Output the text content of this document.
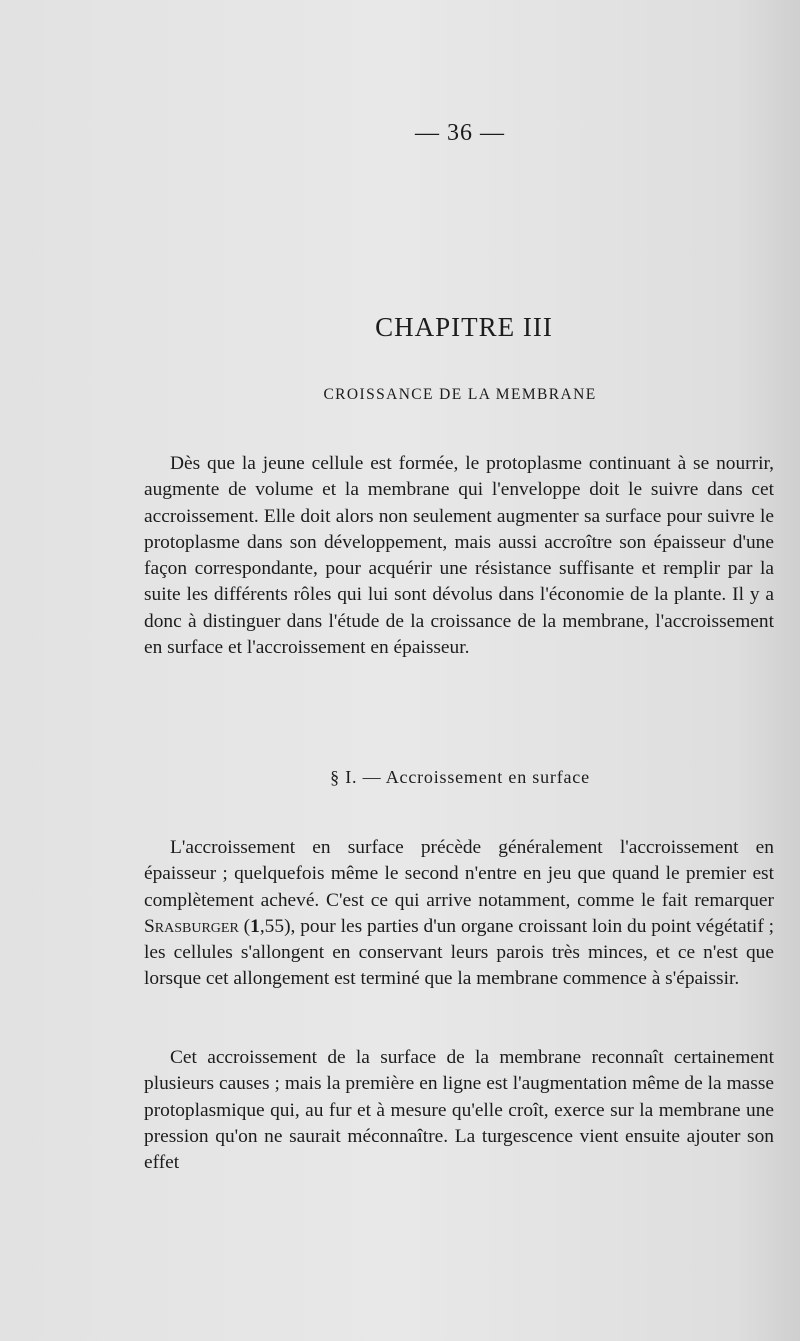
— 36 —
CHAPITRE III
CROISSANCE DE LA MEMBRANE

Dès que la jeune cellule est formée, le protoplasme continuant à se nourrir, augmente de volume et la membrane qui l'enveloppe doit le suivre dans cet accroissement. Elle doit alors non seulement augmenter sa surface pour suivre le protoplasme dans son développement, mais aussi accroître son épaisseur d'une façon correspondante, pour acquérir une résistance suffisante et remplir par la suite les différents rôles qui lui sont dévolus dans l'économie de la plante. Il y a donc à distinguer dans l'étude de la croissance de la membrane, l'accroissement en surface et l'accroissement en épaisseur.

§ I. — Accroissement en surface

L'accroissement en surface précède généralement l'accroissement en épaisseur ; quelquefois même le second n'entre en jeu que quand le premier est complètement achevé. C'est ce qui arrive notamment, comme le fait remarquer Srasburger (1,55), pour les parties d'un organe croissant loin du point végétatif ; les cellules s'allongent en conservant leurs parois très minces, et ce n'est que lorsque cet allongement est terminé que la membrane commence à s'épaissir.

Cet accroissement de la surface de la membrane reconnaît certainement plusieurs causes ; mais la première en ligne est l'augmentation même de la masse protoplasmique qui, au fur et à mesure qu'elle croît, exerce sur la membrane une pression qu'on ne saurait méconnaître. La turgescence vient ensuite ajouter son effet
